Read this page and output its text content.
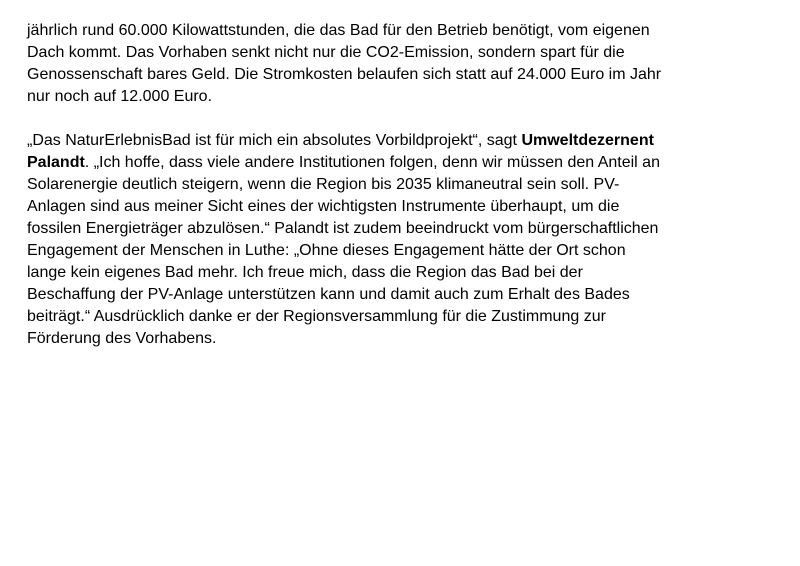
jährlich rund 60.000 Kilowattstunden, die das Bad für den Betrieb benötigt, vom eigenen
Dach kommt. Das Vorhaben senkt nicht nur die CO2-Emission, sondern spart für die
Genossenschaft bares Geld. Die Stromkosten belaufen sich statt auf 24.000 Euro im Jahr
nur noch auf 12.000 Euro.
„Das NaturErlebnisBad ist für mich ein absolutes Vorbildprojekt“, sagt Umweltdezernent
Palandt. „Ich hoffe, dass viele andere Institutionen folgen, denn wir müssen den Anteil an
Solarenergie deutlich steigern, wenn die Region bis 2035 klimaneutral sein soll. PV-
Anlagen sind aus meiner Sicht eines der wichtigsten Instrumente überhaupt, um die
fossilen Energieträger abzulösen.“ Palandt ist zudem beeindruckt vom bürgerschaftlichen
Engagement der Menschen in Luthe: „Ohne dieses Engagement hätte der Ort schon
lange kein eigenes Bad mehr. Ich freue mich, dass die Region das Bad bei der
Beschaffung der PV-Anlage unterstützen kann und damit auch zum Erhalt des Bades
beiträgt.“ Ausdrücklich danke er der Regionsversammlung für die Zustimmung zur
Förderung des Vorhabens.
